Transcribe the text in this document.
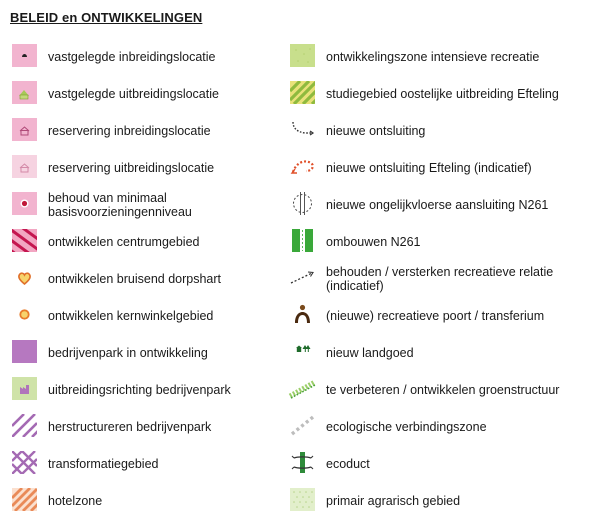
BELEID en ONTWIKKELINGEN
vastgelegde inbreidingslocatie
vastgelegde uitbreidingslocatie
reservering inbreidingslocatie
reservering uitbreidingslocatie
behoud van minimaal basisvoorzieningenniveau
ontwikkelen centrumgebied
ontwikkelen bruisend dorpshart
ontwikkelen kernwinkelgebied
bedrijvenpark in ontwikkeling
uitbreidingsrichting bedrijvenpark
herstructureren bedrijvenpark
transformatiegebied
hotelzone
ontwikkelingszone intensieve recreatie
studiegebied oostelijke uitbreiding Efteling
nieuwe ontsluiting
nieuwe ontsluiting Efteling (indicatief)
nieuwe ongelijkvloerse aansluiting N261
ombouwen N261
behouden / versterken recreatieve relatie (indicatief)
(nieuwe) recreatieve poort / transferium
nieuw landgoed
te verbeteren / ontwikkelen groenstructuur
ecologische verbindingszone
ecoduct
primair agrarisch gebied
